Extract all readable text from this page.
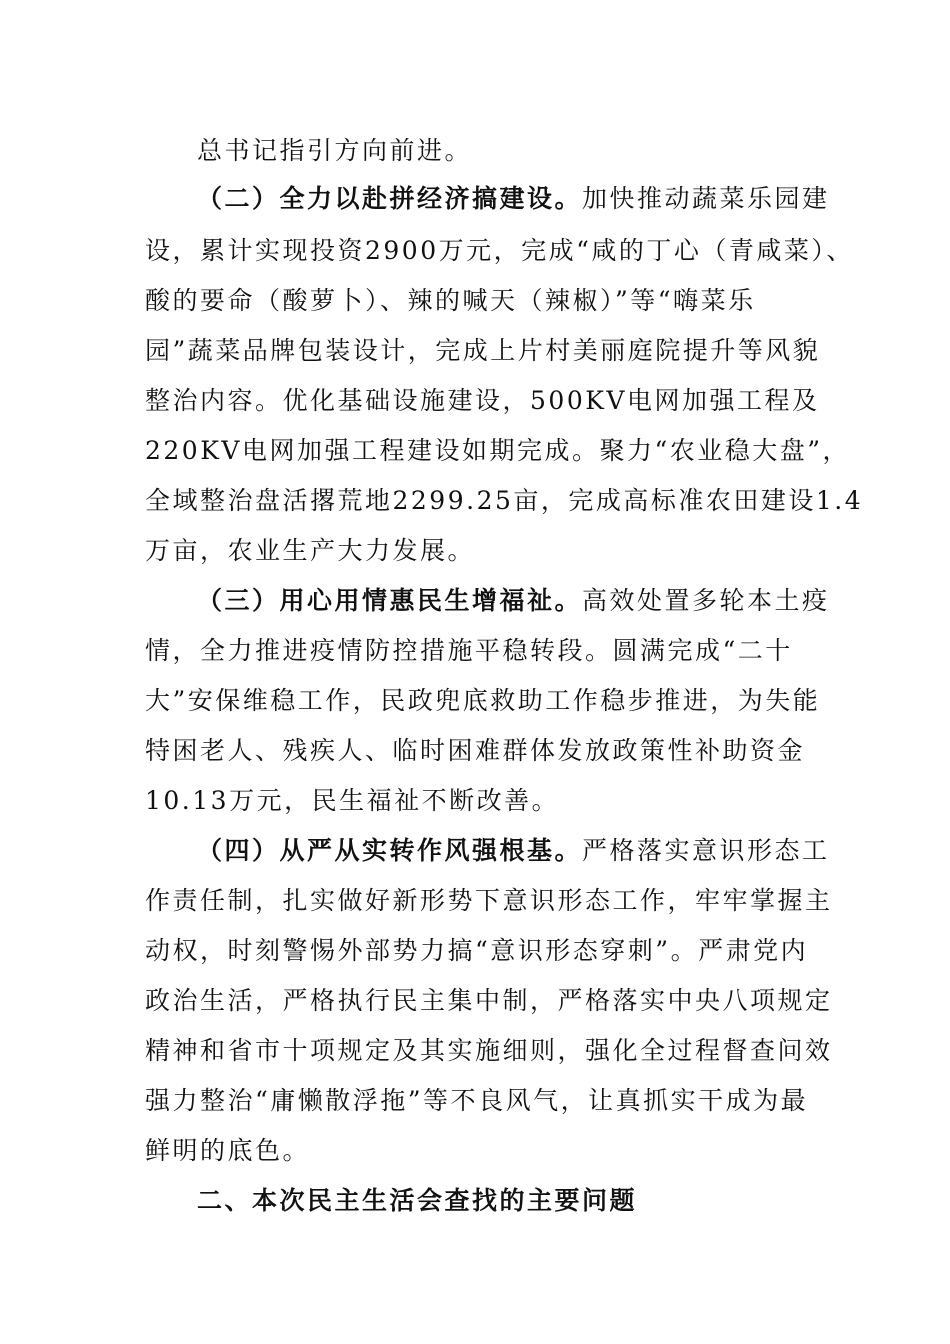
总书记指引方向前进。
（二）全力以赴拼经济搞建设。加快推动蔬菜乐园建
设，累计实现投资2900万元，完成“咸的丁心（青咸菜）、
酸的要命（酸萝卜）、辣的喊天（辣椒）”等“嗨菜乐
园”蔬菜品牌包装设计，完成上片村美丽庭院提升等风貌
整治内容。优化基础设施建设，500KV电网加强工程及
220KV电网加强工程建设如期完成。聚力“农业稳大盘”，
全域整治盘活撂荒地2299.25亩，完成高标准农田建设1.4
万亩，农业生产大力发展。
（三）用心用情惠民生增福祉。高效处置多轮本土疫
情，全力推进疫情防控措施平稳转段。圆满完成“二十
大”安保维稳工作，民政兜底救助工作稳步推进，为失能
特困老人、残疾人、临时困难群体发放政策性补助资金
10.13万元，民生福祉不断改善。
（四）从严从实转作风强根基。严格落实意识形态工
作责任制，扎实做好新形势下意识形态工作，牢牢掌握主
动权，时刻警惕外部势力搞“意识形态穿刺”。严肃党内
政治生活，严格执行民主集中制，严格落实中央八项规定
精神和省市十项规定及其实施细则，强化全过程督查问效
强力整治“庸懒散浮拖”等不良风气，让真抓实干成为最
鲜明的底色。
二、本次民主生活会查找的主要问题
